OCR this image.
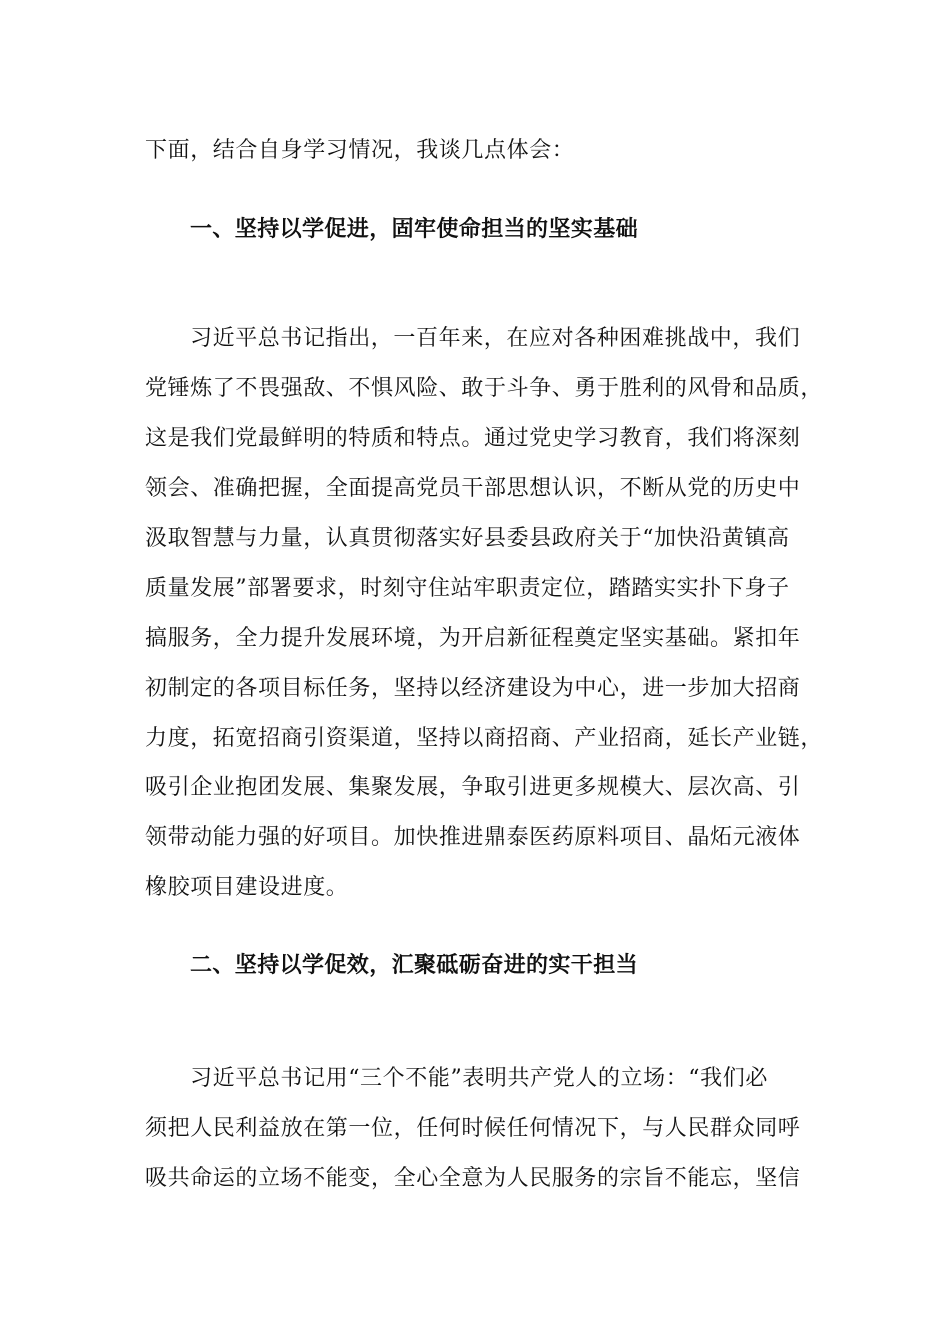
下面，结合自身学习情况，我谈几点体会：
一、坚持以学促进，固牢使命担当的坚实基础
习近平总书记指出，一百年来，在应对各种困难挑战中，我们
党锤炼了不畏强敌、不惧风险、敢于斗争、勇于胜利的风骨和品质，
这是我们党最鲜明的特质和特点。通过党史学习教育，我们将深刻
领会、准确把握，全面提高党员干部思想认识，不断从党的历史中
汲取智慧与力量，认真贯彻落实好县委县政府关于“加快沿黄镇高
质量发展”部署要求，时刻守住站牢职责定位，踏踏实实扑下身子
搞服务，全力提升发展环境，为开启新征程奠定坚实基础。紧扣年
初制定的各项目标任务，坚持以经济建设为中心，进一步加大招商
力度，拓宽招商引资渠道，坚持以商招商、产业招商，延长产业链，
吸引企业抱团发展、集聚发展，争取引进更多规模大、层次高、引
领带动能力强的好项目。加快推进鼎泰医药原料项目、晶炻元液体
橡胶项目建设进度。
二、坚持以学促效，汇聚砥砺奋进的实干担当
习近平总书记用“三个不能”表明共产党人的立场：“我们必
须把人民利益放在第一位，任何时候任何情况下，与人民群众同呼
吸共命运的立场不能变，全心全意为人民服务的宗旨不能忘，坚信
